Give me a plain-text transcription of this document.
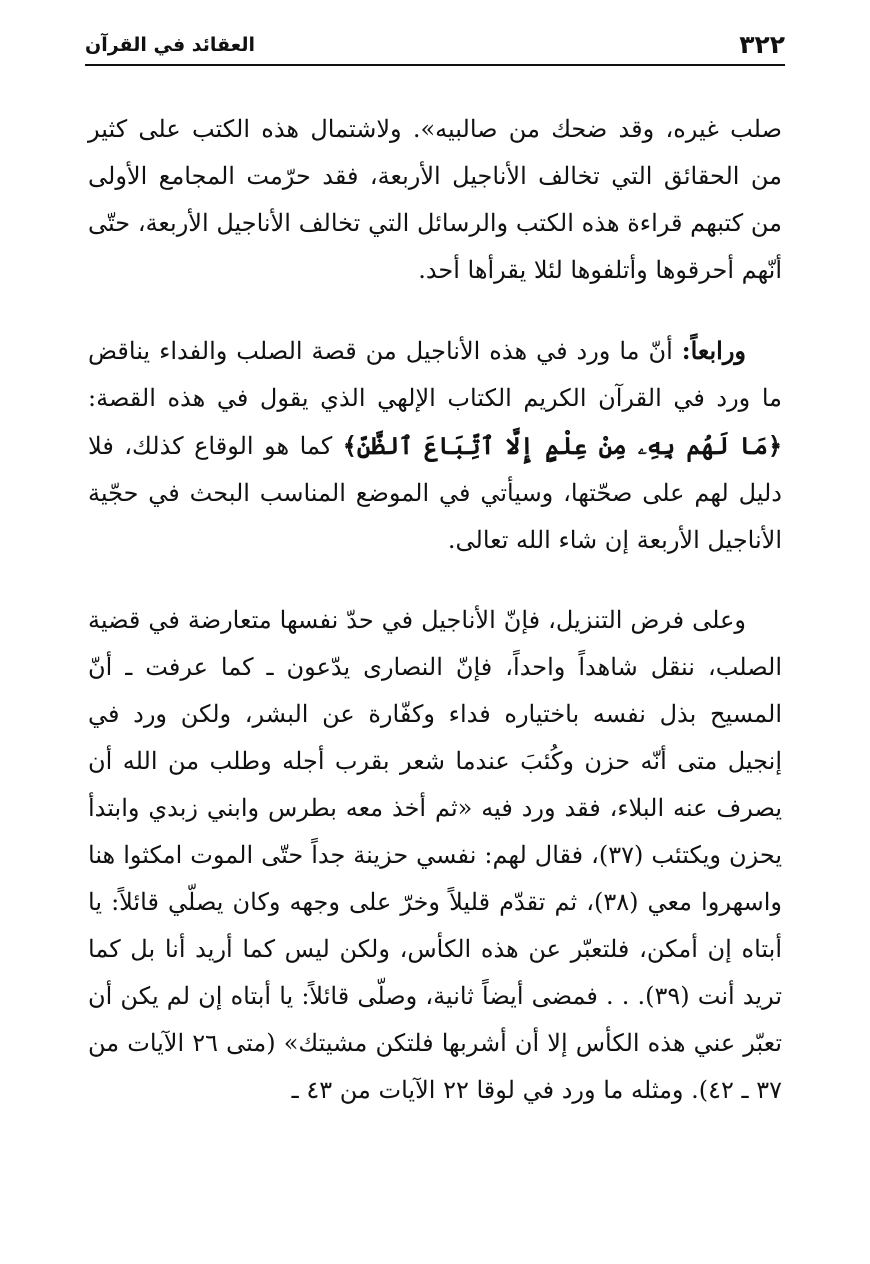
٣٢٢
العقائد في القرآن

صلب غيره، وقد ضحك من صالبيه». ولاشتمال هذه الكتب على كثير من الحقائق التي تخالف الأناجيل الأربعة، فقد حرّمت المجامع الأولى من كتبهم قراءة هذه الكتب والرسائل التي تخالف الأناجيل الأربعة، حتّى أنّهم أحرقوها وأتلفوها لئلا يقرأها أحد.

ورابعاً: أنّ ما ورد في هذه الأناجيل من قصة الصلب والفداء يناقض ما ورد في القرآن الكريم الكتاب الإلهي الذي يقول في هذه القصة: ﴿مَا لَهُم بِهِۦ مِنْ عِلْمٍ إِلَّا ٱتِّبَاعَ ٱلظَّنِّ﴾ كما هو الوقاع كذلك، فلا دليل لهم على صحّتها، وسيأتي في الموضع المناسب البحث في حجّية الأناجيل الأربعة إن شاء الله تعالى.

وعلى فرض التنزيل، فإنّ الأناجيل في حدّ نفسها متعارضة في قضية الصلب، ننقل شاهداً واحداً، فإنّ النصارى يدّعون ـ كما عرفت ـ أنّ المسيح بذل نفسه باختياره فداء وكفّارة عن البشر، ولكن ورد في إنجيل متى أنّه حزن وكُئبَ عندما شعر بقرب أجله وطلب من الله أن يصرف عنه البلاء، فقد ورد فيه «ثم أخذ معه بطرس وابني زبدي وابتدأ يحزن ويكتئب (٣٧)، فقال لهم: نفسي حزينة جداً حتّى الموت امكثوا هنا واسهروا معي (٣٨)، ثم تقدّم قليلاً وخرّ على وجهه وكان يصلّي قائلاً: يا أبتاه إن أمكن، فلتعبّر عن هذه الكأس، ولكن ليس كما أريد أنا بل كما تريد أنت (٣٩). . . فمضى أيضاً ثانية، وصلّى قائلاً: يا أبتاه إن لم يكن أن تعبّر عني هذه الكأس إلا أن أشربها فلتكن مشيتك» (متى ٢٦ الآيات من ٣٧ ـ ٤٢). ومثله ما ورد في لوقا ٢٢ الآيات من ٤٣ ـ
